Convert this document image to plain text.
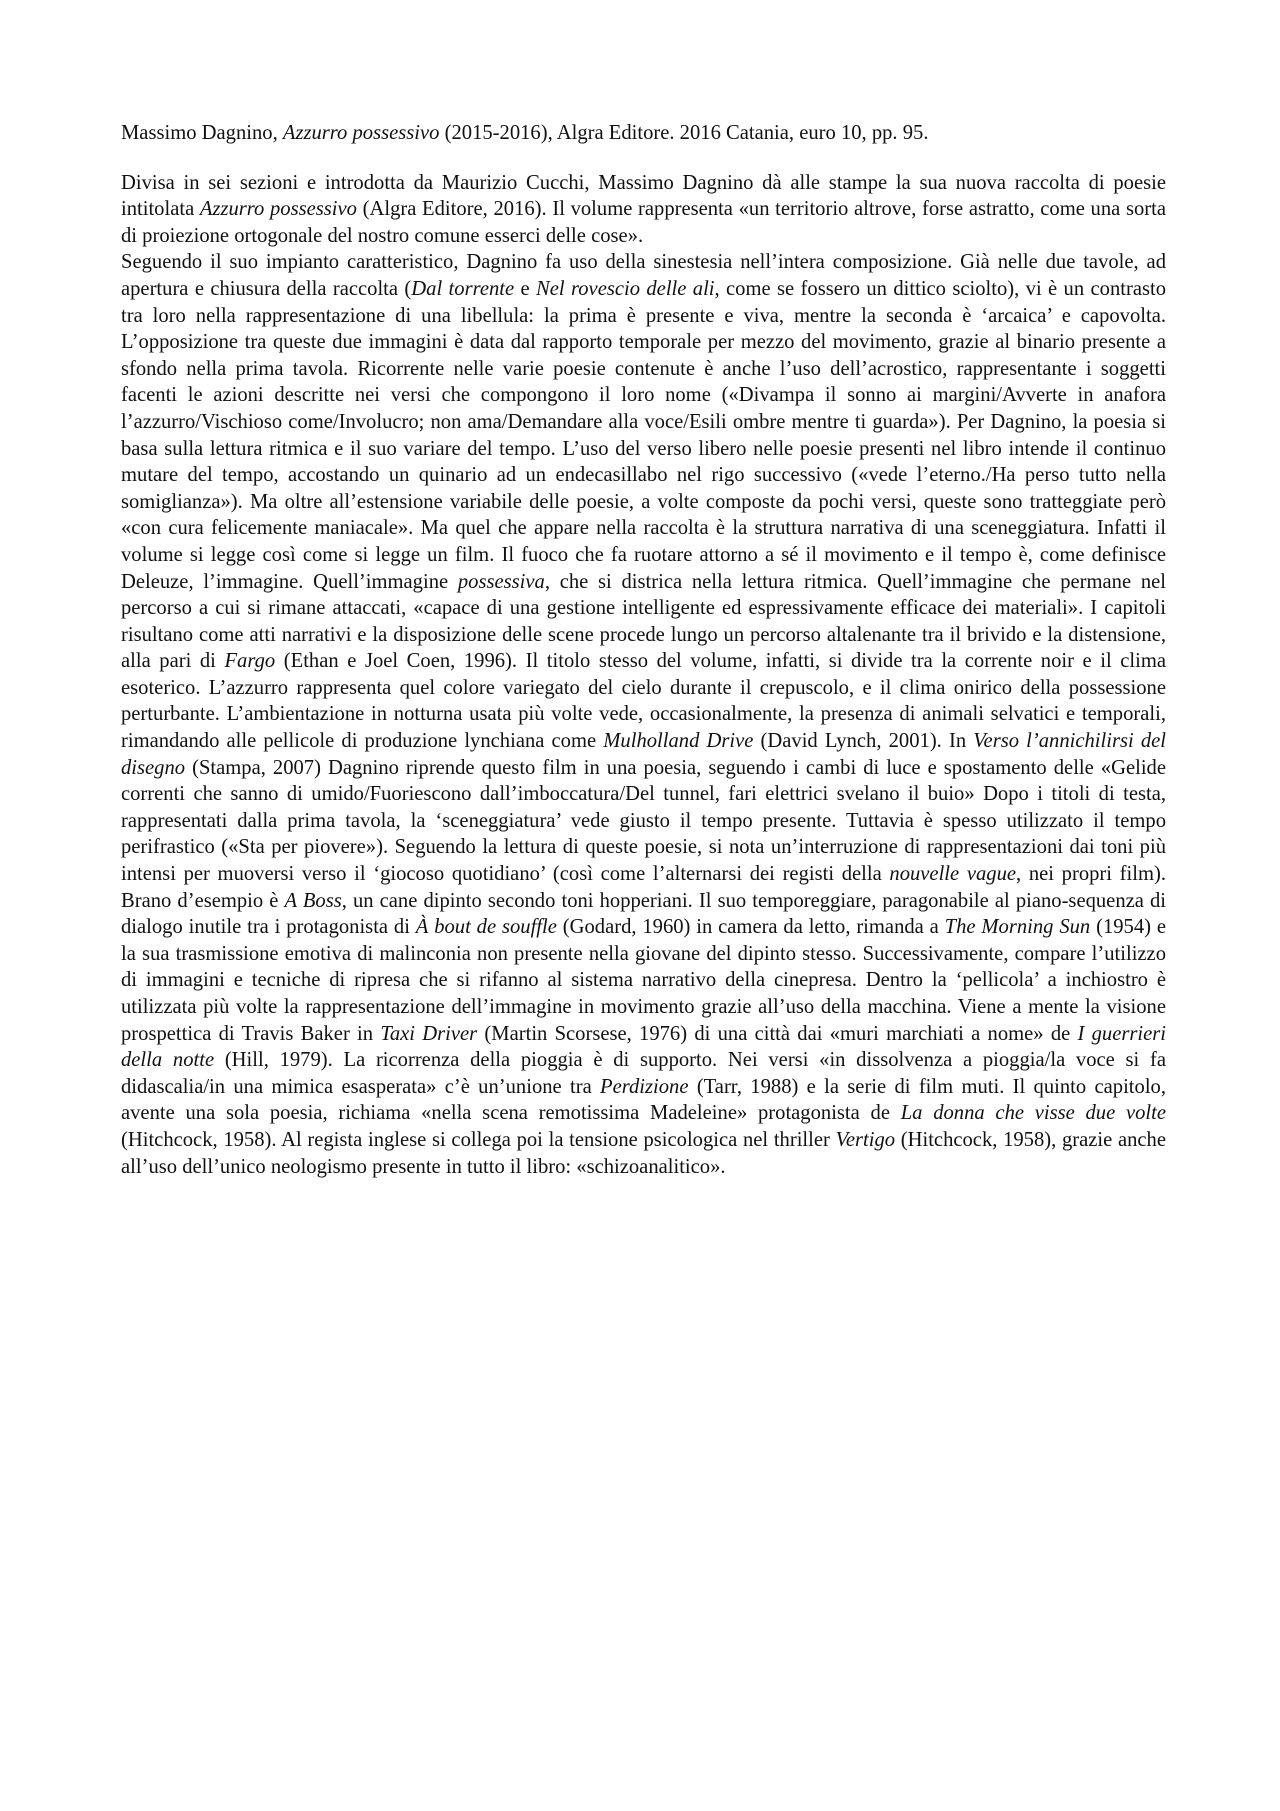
Massimo Dagnino, Azzurro possessivo (2015-2016), Algra Editore. 2016 Catania, euro 10, pp. 95.

Divisa in sei sezioni e introdotta da Maurizio Cucchi, Massimo Dagnino dà alle stampe la sua nuova raccolta di poesie intitolata Azzurro possessivo (Algra Editore, 2016). Il volume rappresenta «un territorio altrove, forse astratto, come una sorta di proiezione ortogonale del nostro comune esserci delle cose».

Seguendo il suo impianto caratteristico, Dagnino fa uso della sinestesia nell’intera composizione. Già nelle due tavole, ad apertura e chiusura della raccolta (Dal torrente e Nel rovescio delle ali, come se fossero un dittico sciolto), vi è un contrasto tra loro nella rappresentazione di una libellula: la prima è presente e viva, mentre la seconda è ‘arcaica’ e capovolta. L’opposizione tra queste due immagini è data dal rapporto temporale per mezzo del movimento, grazie al binario presente a sfondo nella prima tavola. Ricorrente nelle varie poesie contenute è anche l’uso dell’acrostico, rappresentante i soggetti facenti le azioni descritte nei versi che compongono il loro nome («Divampa il sonno ai margini/Avverte in anafora l’azzurro/Vischioso come/Involucro; non ama/Demandare alla voce/Esili ombre mentre ti guarda»). Per Dagnino, la poesia si basa sulla lettura ritmica e il suo variare del tempo. L’uso del verso libero nelle poesie presenti nel libro intende il continuo mutare del tempo, accostando un quinario ad un endecasillabo nel rigo successivo («vede l’eterno./Ha perso tutto nella somiglianza»). Ma oltre all’estensione variabile delle poesie, a volte composte da pochi versi, queste sono tratteggiate però «con cura felicemente maniacale». Ma quel che appare nella raccolta è la struttura narrativa di una sceneggiatura. Infatti il volume si legge così come si legge un film. Il fuoco che fa ruotare attorno a sé il movimento e il tempo è, come definisce Deleuze, l’immagine. Quell’immagine possessiva, che si districa nella lettura ritmica. Quell’immagine che permane nel percorso a cui si rimane attaccati, «capace di una gestione intelligente ed espressivamente efficace dei materiali». I capitoli risultano come atti narrativi e la disposizione delle scene procede lungo un percorso altalenante tra il brivido e la distensione, alla pari di Fargo (Ethan e Joel Coen, 1996). Il titolo stesso del volume, infatti, si divide tra la corrente noir e il clima esoterico. L’azzurro rappresenta quel colore variegato del cielo durante il crepuscolo, e il clima onirico della possessione perturbante. L’ambientazione in notturna usata più volte vede, occasionalmente, la presenza di animali selvatici e temporali, rimandando alle pellicole di produzione lynchiana come Mulholland Drive (David Lynch, 2001). In Verso l’annichilirsi del disegno (Stampa, 2007) Dagnino riprende questo film in una poesia, seguendo i cambi di luce e spostamento delle «Gelide correnti che sanno di umido/Fuoriescono dall’imboccatura/Del tunnel, fari elettrici svelano il buio» Dopo i titoli di testa, rappresentati dalla prima tavola, la ‘sceneggiatura’ vede giusto il tempo presente. Tuttavia è spesso utilizzato il tempo perifrastico («Sta per piovere»). Seguendo la lettura di queste poesie, si nota un’interruzione di rappresentazioni dai toni più intensi per muoversi verso il ‘giocoso quotidiano’ (così come l’alternarsi dei registi della nouvelle vague, nei propri film). Brano d’esempio è A Boss, un cane dipinto secondo toni hopperiani. Il suo temporeggiare, paragonabile al piano-sequenza di dialogo inutile tra i protagonista di À bout de souffle (Godard, 1960) in camera da letto, rimanda a The Morning Sun (1954) e la sua trasmissione emotiva di malinconia non presente nella giovane del dipinto stesso. Successivamente, compare l’utilizzo di immagini e tecniche di ripresa che si rifanno al sistema narrativo della cinepresa. Dentro la ‘pellicola’ a inchiostro è utilizzata più volte la rappresentazione dell’immagine in movimento grazie all’uso della macchina. Viene a mente la visione prospettica di Travis Baker in Taxi Driver (Martin Scorsese, 1976) di una città dai «muri marchiati a nome» de I guerrieri della notte (Hill, 1979). La ricorrenza della pioggia è di supporto. Nei versi «in dissolvenza a pioggia/la voce si fa didascalia/in una mimica esasperata» c’è un’unione tra Perdizione (Tarr, 1988) e la serie di film muti. Il quinto capitolo, avente una sola poesia, richiama «nella scena remotissima Madeleine» protagonista de La donna che visse due volte (Hitchcock, 1958). Al regista inglese si collega poi la tensione psicologica nel thriller Vertigo (Hitchcock, 1958), grazie anche all’uso dell’unico neologismo presente in tutto il libro: «schizoanalitico».
